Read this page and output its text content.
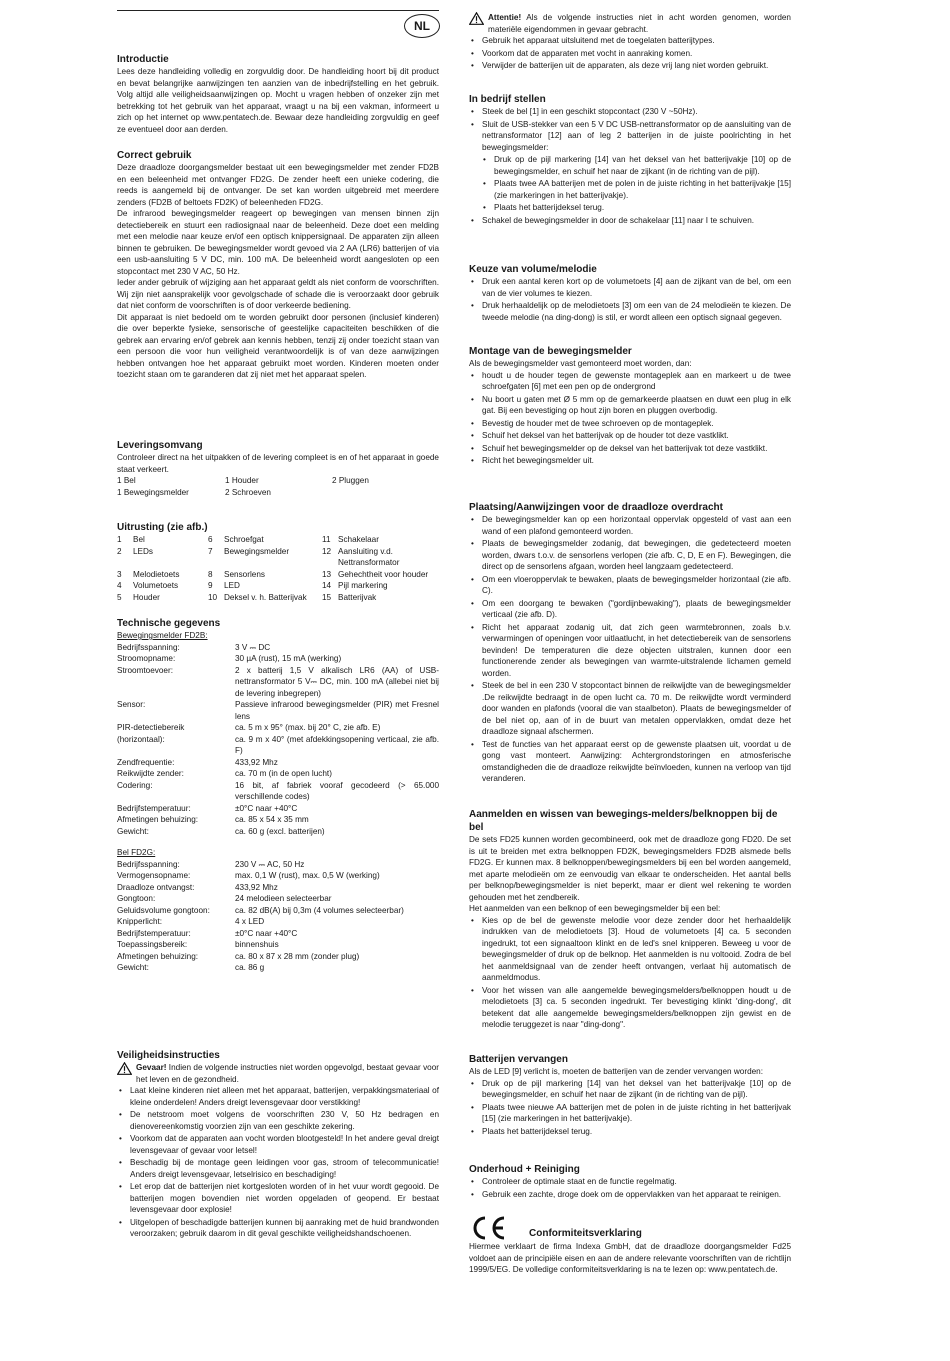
NL
Introductie

Lees deze handleiding volledig en zorgvuldig door. De handleiding hoort bij dit product en bevat belangrijke aanwijzingen ten aanzien van de inbedrijfstelling en het gebruik. Volg altijd alle veiligheidsaanwijzingen op. Mocht u vragen hebben of onzeker zijn met betrekking tot het gebruik van het apparaat, vraagt u na bij een vakman, informeert u zich op het internet op www.pentatech.de. Bewaar deze handleiding zorgvuldig en geef ze eventueel door aan derden.

Correct gebruik

Deze draadloze doorgangsmelder bestaat uit een bewegingsmelder met zender FD2B en een beleenheid met ontvanger FD2G. De zender heeft een unieke codering, die reeds is aangemeld bij de ontvanger. De set kan worden uitgebreid met meerdere zenders (FD2B of beltoets FD2K) of beleenheden FD2G.

De infrarood bewegingsmelder reageert op bewegingen van mensen binnen zijn detectiebereik en stuurt een radiosignaal naar de beleenheid. Deze doet een melding met een melodie naar keuze en/of een optisch knippersignaal. De apparaten zijn alleen binnen te gebruiken. De bewegingsmelder wordt gevoed via 2 AA (LR6) batterijen of via een usb-aansluiting 5 V DC, min. 100 mA. De beleenheid wordt aangesloten op een stopcontact met 230 V AC, 50 Hz.

Ieder ander gebruik of wijziging aan het apparaat geldt als niet conform de voorschriften. Wij zijn niet aansprakelijk voor gevolgschade of schade die is veroorzaakt door gebruik dat niet conform de voorschriften is of door verkeerde bediening.

Dit apparaat is niet bedoeld om te worden gebruikt door personen (inclusief kinderen) die over beperkte fysieke, sensorische of geestelijke capaciteiten beschikken of die gebrek aan ervaring en/of gebrek aan kennis hebben, tenzij zij onder toezicht staan van een persoon die voor hun veiligheid verantwoordelijk is of van deze aanwijzingen hebben ontvangen hoe het apparaat gebruikt moet worden. Kinderen moeten onder toezicht staan om te garanderen dat zij niet met het apparaat spelen.

Leveringsomvang

Controleer direct na het uitpakken of de levering compleet is en of het apparaat in goede staat verkeert.

1 Bel	1 Houder	2 Pluggen
1 Bewegingsmelder	2 Schroeven
Uitrusting (zie afb.)
1	Bel	6	Schroefgat	11 Schakelaar
2	LEDs	7	Bewegingsmelder	12 Aansluiting v.d. Nettransformator
3	Melodietoets	8	Sensorlens	13 Gehechtheit voor houder
4	Volumetoets	9	LED	14 Pijl markering
5	Houder	10 Deksel v. h. Batterijvak	15 Batterijvak
Technische gegevens
Bewegingsmelder FD2B:
Bedrijfsspanning:	3 V ⎓ DC
Stroomopname:	30 µA (rust), 15 mA (werking)
Stroomtoevoer:	2 x batterij 1,5 V alkalisch LR6 (AA) of USB-nettransformator 5 V⎓ DC, min. 100 mA (allebei niet bij de levering inbegrepen)
Sensor:	Passieve infrarood bewegingsmelder (PIR) met Fresnel lens
PIR-detectiebereik	ca. 5 m x 95° (max. bij 20° C, zie afb. E)
(horizontaal):	ca. 9 m x 40° (met afdekkingsopening verticaal, zie afb. F)
Zendfrequentie:	433,92 Mhz
Reikwijdte zender:	ca. 70 m (in de open lucht)
Codering:	16 bit, af fabriek vooraf gecodeerd (> 65.000 verschillende codes)
Bedrijfstemperatuur:	±0°C naar +40°C
Afmetingen behuizing:	ca. 85 x 54 x 35 mm
Gewicht:	ca. 60 g (excl. batterijen)
Bel FD2G:
Bedrijfsspanning:	230 V ⎓ AC, 50 Hz
Vermogensopname:	max. 0,1 W (rust), max. 0,5 W (werking)
Draadloze ontvangst:	433,92 Mhz
Gongtoon:	24 melodieen selecteerbar
Geluidsvolume gongtoon:	ca. 82 dB(A) bij 0,3m (4 volumes selecteerbar)
Knipperlicht:	4 x LED
Bedrijfstemperatuur:	±0°C naar +40°C
Toepassingsbereik:	binnenshuis
Afmetingen behuizing:	ca. 80 x 87 x 28 mm (zonder plug)
Gewicht:	ca. 86 g
Veiligheidsinstructies
Gevaar! Indien de volgende instructies niet worden opgevolgd, bestaat gevaar voor het leven en de gezondheid.
• Laat kleine kinderen niet alleen met het apparaat, batterijen, verpakkingsmateriaal of kleine onderdelen! Anders dreigt levensgevaar door verstikking!
• De netstroom moet volgens de voorschriften 230 V, 50 Hz bedragen en dienovereenkomstig voorzien zijn van een geschikte zekering.
• Voorkom dat de apparaten aan vocht worden blootgesteld! In het andere geval dreigt levensgevaar of gevaar voor letsel!
• Beschadig bij de montage geen leidingen voor gas, stroom of telecommunicatie! Anders dreigt levensgevaar, letselrisico en beschadiging!
• Let erop dat de batterijen niet kortgesloten worden of in het vuur wordt gegooid. De batterijen mogen bovendien niet worden opgeladen of geopend. Er bestaat levensgevaar door explosie!
• Uitgelopen of beschadigde batterijen kunnen bij aanraking met de huid brandwonden veroorzaken; gebruik daarom in dit geval geschikte veiligheidshandschoenen.
Attentie! Als de volgende instructies niet in acht worden genomen, worden materiële eigendommen in gevaar gebracht.
• Gebruik het apparaat uitsluitend met de toegelaten batterijtypes.
• Voorkom dat de apparaten met vocht in aanraking komen.
• Verwijder de batterijen uit de apparaten, als deze vrij lang niet worden gebruikt.
In bedrijf stellen
• Steek de bel [1] in een geschikt stopcontact (230 V ~50Hz).
• Sluit de USB-stekker van een 5 V DC USB-nettransformator op de aansluiting van de nettransformator [12] aan of leg 2 batterijen in de juiste poolrichting in het bewegingsmelder:
• Druk op de pijl markering [14] van het deksel van het batterijvakje [10] op de bewegingsmelder, en schuif het naar de zijkant (in de richting van de pijl).
• Plaats twee AA batterijen met de polen in de juiste richting in het batterijvakje [15] (zie markeringen in het batterijvakje).
• Plaats het batterijdeksel terug.
• Schakel de bewegingsmelder in door de schakelaar [11] naar I te schuiven.
Keuze van volume/melodie
• Druk een aantal keren kort op de volumetoets [4] aan de zijkant van de bel, om een van de vier volumes te kiezen.
• Druk herhaaldelijk op de melodietoets [3] om een van de 24 melodieën te kiezen. De tweede melodie (na ding-dong) is stil, er wordt alleen een optisch signaal gegeven.
Montage van de bewegingsmelder

Als de bewegingsmelder vast gemonteerd moet worden, dan:

• houdt u de houder tegen de gewenste montageplek aan en markeert u de twee schroefgaten [6] met een pen op de ondergrond
• Nu boort u gaten met Ø 5 mm op de gemarkeerde plaatsen en duwt een plug in elk gat. Bij een bevestiging op hout zijn boren en pluggen overbodig.
• Bevestig de houder met de twee schroeven op de montageplek.
• Schuif het deksel van het batterijvak op de houder tot deze vastklikt.
• Schuif het bewegingsmelder op de deksel van het batterijvak tot deze vastklikt.
• Richt het bewegingsmelder uit.
Plaatsing/Aanwijzingen voor de draadloze overdracht
• De bewegingsmelder kan op een horizontaal oppervlak opgesteld of vast aan een wand of een plafond gemonteerd worden.
• Plaats de bewegingsmelder zodanig, dat bewegingen, die gedetecteerd moeten worden, dwars t.o.v. de sensorlens verlopen (zie afb. C, D, E en F). Bewegingen, die direct op de sensorlens afgaan, worden heel langzaam gedetecteerd.
• Om een vloeroppervlak te bewaken, plaats de bewegingsmelder horizontaal (zie afb. C).
• Om een doorgang te bewaken ("gordijnbewaking"), plaats de bewegingsmelder verticaal (zie afb. D).
• Richt het apparaat zodanig uit, dat zich geen warmtebronnen, zoals b.v. verwarmingen of openingen voor uitlaatlucht, in het detectiebereik van de sensorlens bevinden! De temperaturen die deze objecten uitstralen, kunnen door een functionerende zender als bewegingen van warmte-uitstralende lichamen gemeld worden.
• Steek de bel in een 230 V stopcontact binnen de reikwijdte van de bewegingsmelder .De reikwijdte bedraagt in de open lucht ca. 70 m. De reikwijdte wordt verminderd door wanden en plafonds (vooral die van staalbeton). Plaats de bewegingsmelder of de bel niet op, aan of in de buurt van metalen oppervlakken, omdat deze het draadloze signaal afschermen.
• Test de functies van het apparaat eerst op de gewenste plaatsen uit, voordat u de gong vast monteert. Aanwijzing: Achtergrondstoringen en atmosferische omstandigheden die de draadloze reikwijdte beïnvloeden, kunnen na verloop van tijd veranderen.
Aanmelden en wissen van bewegings-melders/belknoppen bij de bel

De sets FD25 kunnen worden gecombineerd, ook met de draadloze gong FD20. De set is uit te breiden met extra belknoppen FD2K, bewegingsmelders FD2B alsmede bells FD2G. Er kunnen max. 8 belknoppen/bewegingsmelders bij een bel worden aangemeld, met aparte melodieën om ze eenvoudig van elkaar te onderscheiden. Het aantal bells per belknop/bewegingsmelder is niet beperkt, maar er dient wel rekening te worden gehouden met het zendbereik.

Het aanmelden van een belknop of een bewegingsmelder bij een bel:

• Kies op de bel de gewenste melodie voor deze zender door het herhaaldelijk indrukken van de melodietoets [3]. Houd de volumetoets [4] ca. 5 seconden ingedrukt, tot een signaaltoon klinkt en de led's snel knipperen. Beweeg u voor de bewegingsmelder of druk op de belknop. Het aanmelden is nu voltooid. Zodra de bel het aanmeldsignaal van de zender heeft ontvangen, verlaat hij automatisch de aanmeldmodus.
• Voor het wissen van alle aangemelde bewegingsmelders/belknoppen houdt u de melodietoets [3] ca. 5 seconden ingedrukt. Ter bevestiging klinkt 'ding-dong', dit betekent dat alle aangemelde bewegingsmelders/belknoppen zijn gewist en de melodie teruggezet is naar "ding-dong".
Batterijen vervangen

Als de LED [9] verlicht is, moeten de batterijen van de zender vervangen worden:

• Druk op de pijl markering [14] van het deksel van het batterijvakje [10] op de bewegingsmelder, en schuif het naar de zijkant (in de richting van de pijl).
• Plaats twee nieuwe AA batterijen met de polen in de juiste richting in het batterijvak [15] (zie markeringen in het batterijvakje).
• Plaats het batterijdeksel terug.
Onderhoud + Reiniging
• Controleer de optimale staat en de functie regelmatig.
• Gebruik een zachte, droge doek om de oppervlakken van het apparaat te reinigen.
Conformiteitsverklaring

Hiermee verklaart de firma Indexa GmbH, dat de draadloze doorgangsmelder Fd25 voldoet aan de principiële eisen en aan de andere relevante voorschriften van de richtlijn 1999/5/EG. De volledige conformiteitsverklaring is na te lezen op: www.pentatech.de.
